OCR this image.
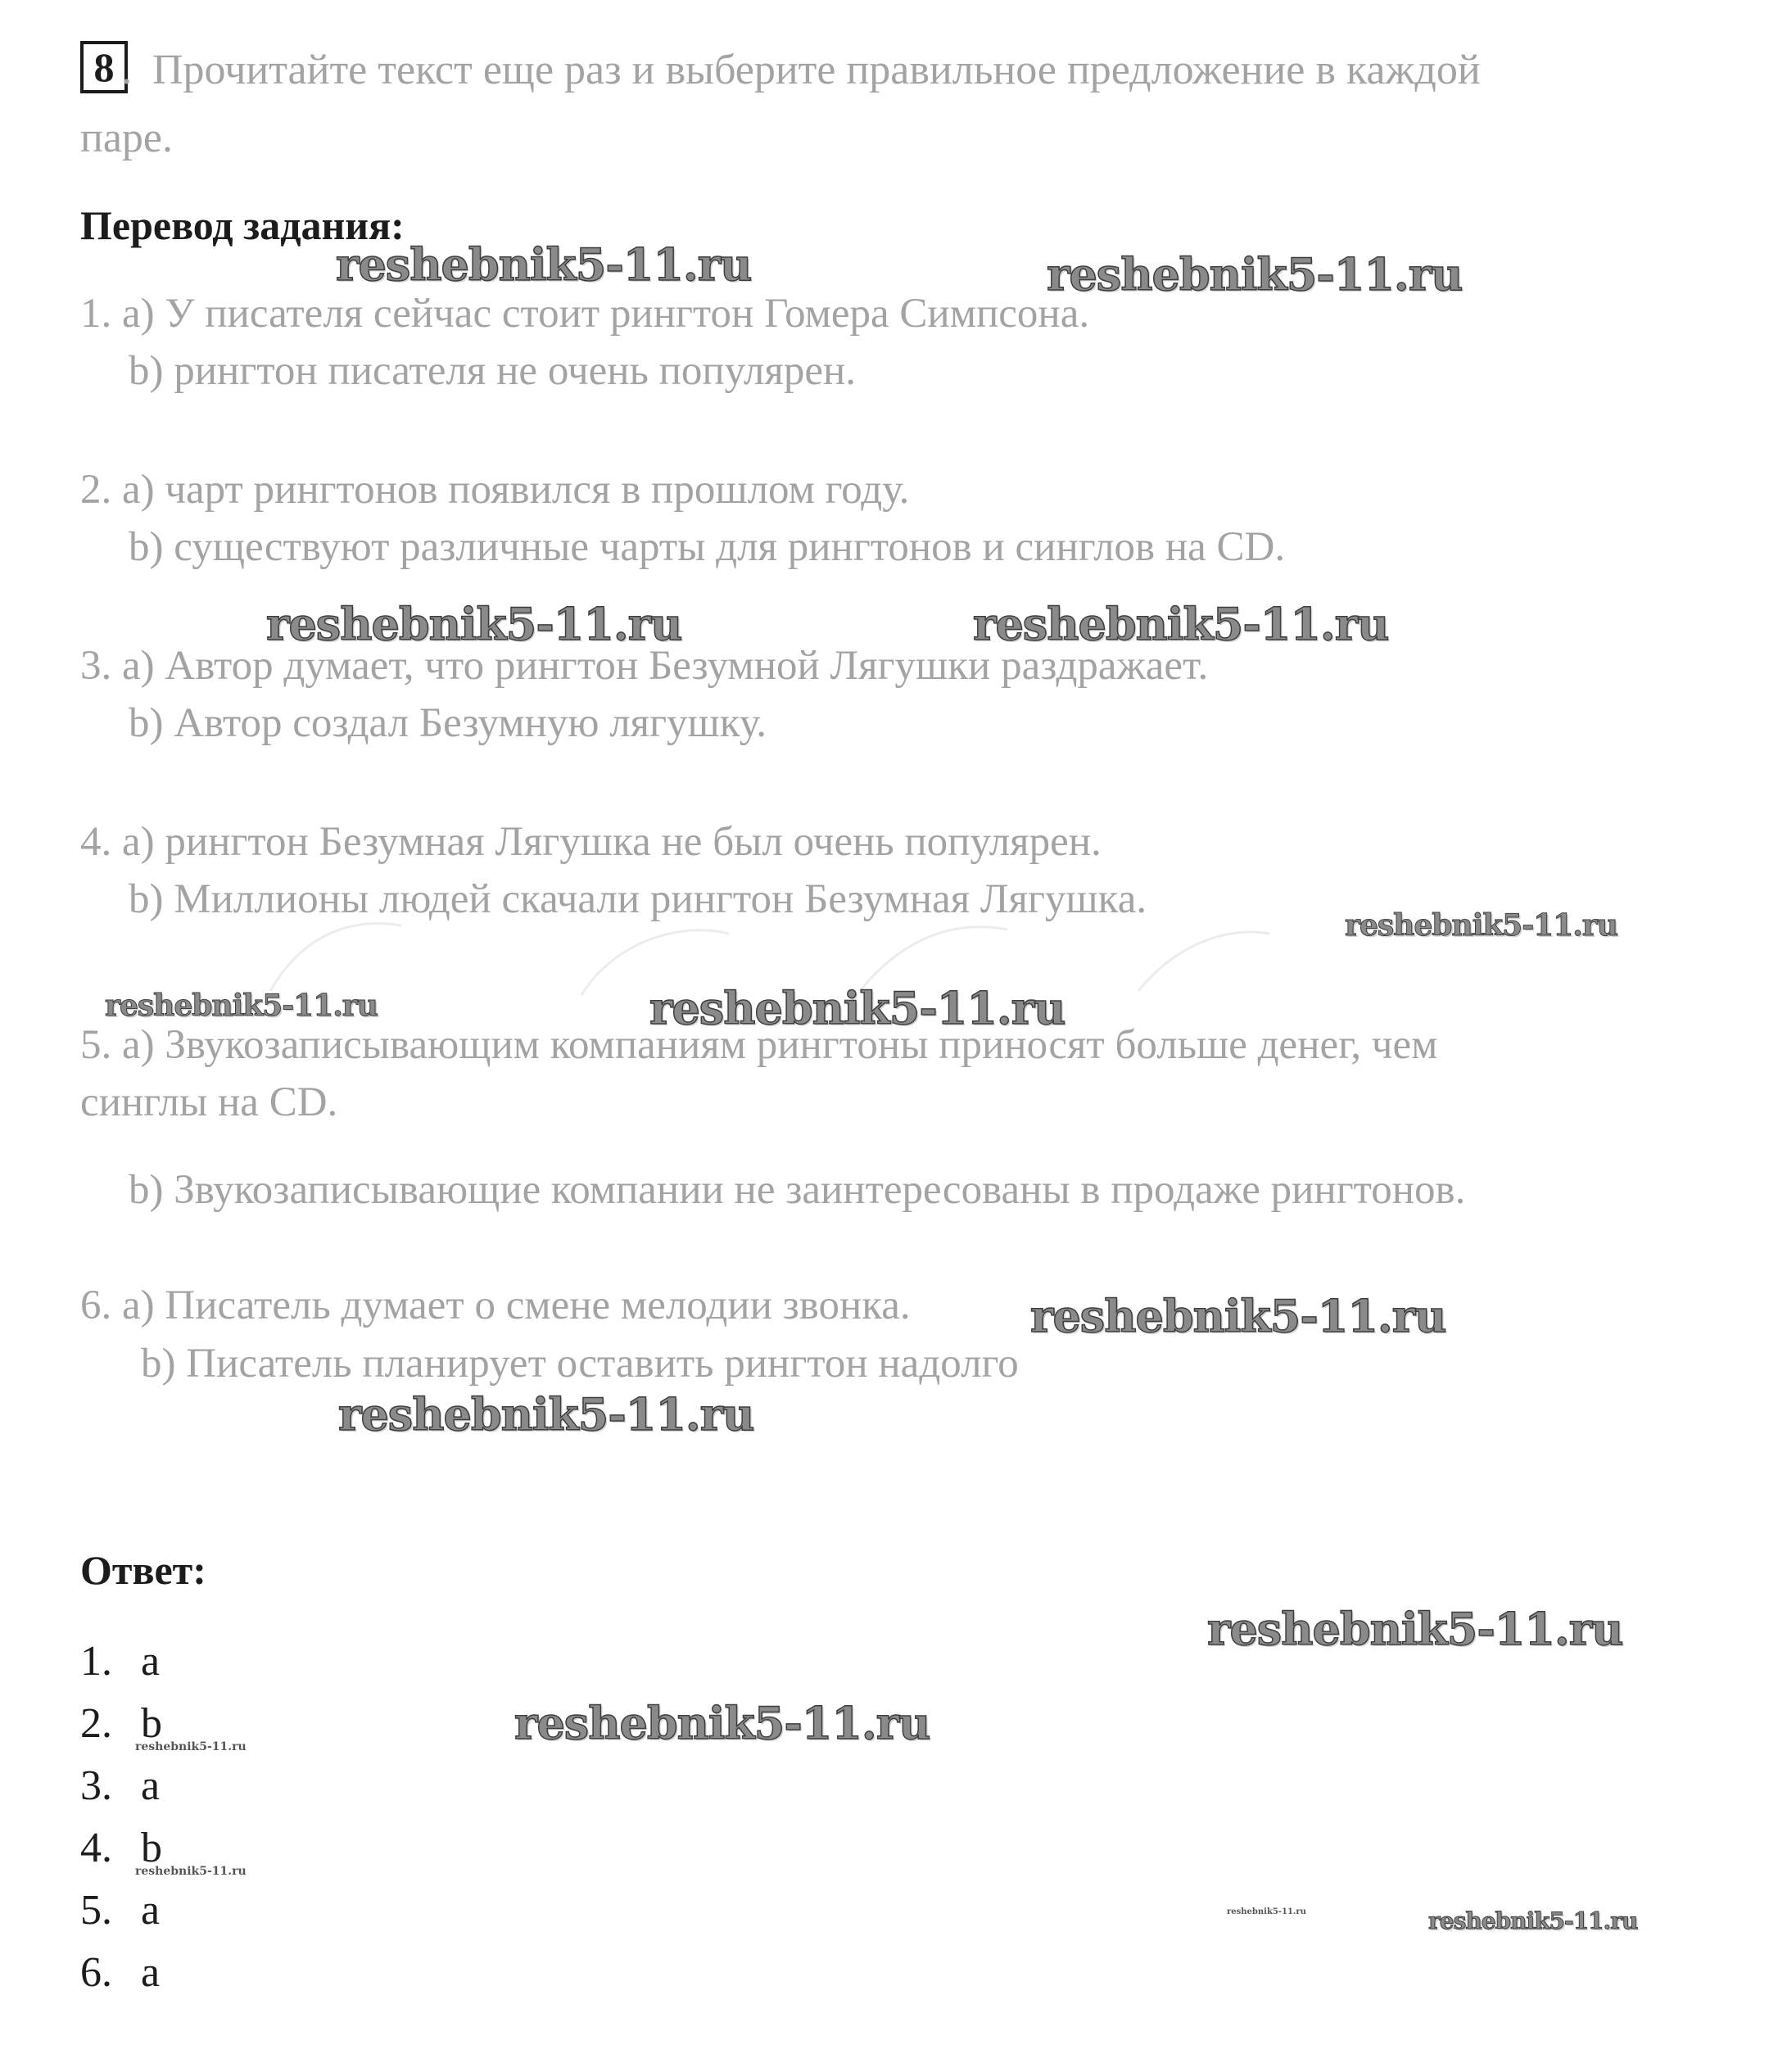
8 . Прочитайте текст еще раз и выберите правильное предложение в каждой
паре.
Перевод задания:
1. a) У писателя сейчас стоит рингтон Гомера Симпсона.
b) рингтон писателя не очень популярен.
2. a) чарт рингтонов появился в прошлом году.
b) существуют различные чарты для рингтонов и синглов на CD.
3. a) Автор думает, что рингтон Безумной Лягушки раздражает.
b) Автор создал Безумную лягушку.
4. a) рингтон Безумная Лягушка не был очень популярен.
b) Миллионы людей скачали рингтон Безумная Лягушка.
5. a) Звукозаписывающим компаниям рингтоны приносят больше денег, чем
синглы на CD.
b) Звукозаписывающие компании не заинтересованы в продаже рингтонов.
6. a) Писатель думает о смене мелодии звонка.
b) Писатель планирует оставить рингтон надолго
Ответ:
1. a
2. b
3. a
4. b
5. a
6. a
reshebnik5-11.ru	reshebnik5-11.ru
reshebnik5-11.ru	reshebnik5-11.ru
reshebnik5-11.ru
reshebnik5-11.ru	reshebnik5-11.ru
reshebnik5-11.ru
reshebnik5-11.ru
reshebnik5-11.ru
reshebnik5-11.ru
reshebnik5-11.ru
reshebnik5-11.ru
reshebnik5-11.ru	reshebnik5-11.ru
